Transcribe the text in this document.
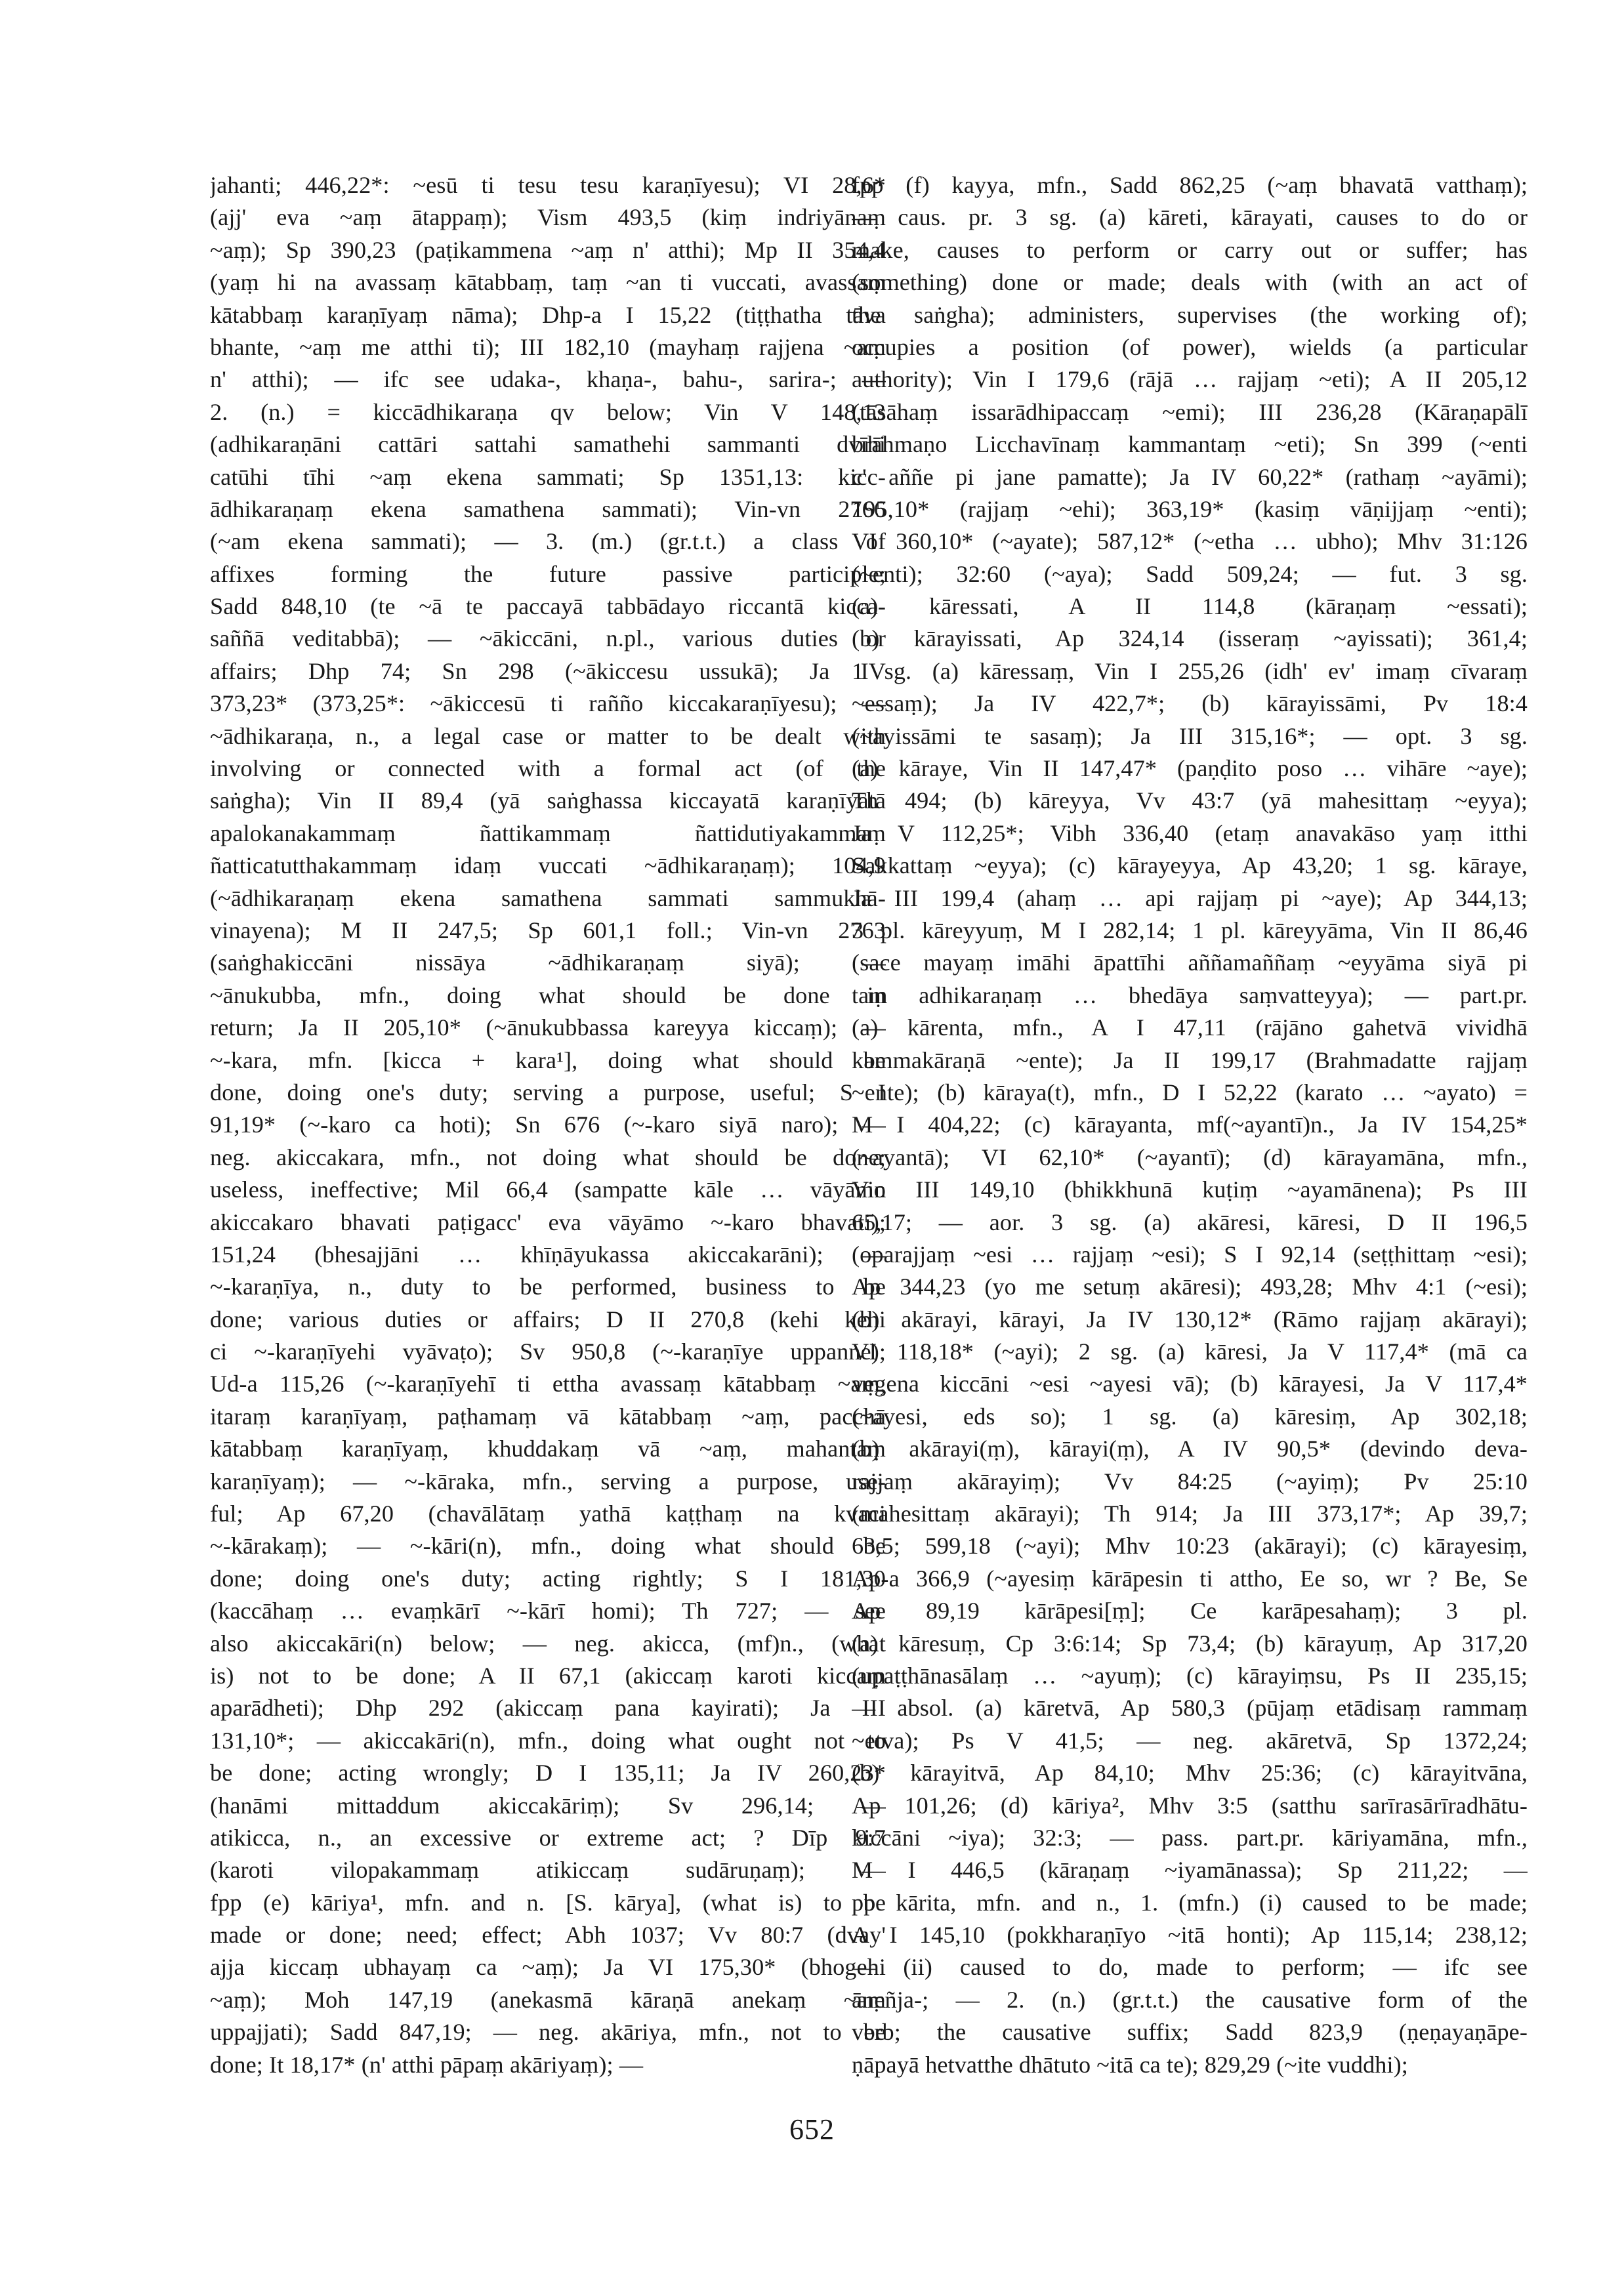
jahanti; 446,22*: ~esū ti tesu tesu karaṇīyesu); VI 28,6*
(ajj' eva ~aṃ ātappaṃ); Vism 493,5 (kiṃ indriyānaṃ
~aṃ); Sp 390,23 (paṭikammena ~aṃ n' atthi); Mp II 354,4
(yaṃ hi na avassaṃ kātabbaṃ, taṃ ~an ti vuccati, avassaṃ
kātabbaṃ karaṇīyaṃ nāma); Dhp-a I 15,22 (tiṭṭhatha tāva
bhante, ~aṃ me atthi ti); III 182,10 (mayhaṃ rajjena ~aṃ
n' atthi); — ifc see udaka-, khaṇa-, bahu-, sarira-; —
2. (n.) = kiccādhikaraṇa qv below; Vin V 148,13
(adhikaraṇāni cattāri sattahi samathehi sammanti dvīhi
catūhi tīhi ~aṃ ekena sammati; Sp 1351,13: kicc-
ādhikaraṇaṃ ekena samathena sammati); Vin-vn 2766
(~am ekena sammati); — 3. (m.) (gr.t.t.) a class of
affixes forming the future passive participle;
Sadd 848,10 (te ~ā te paccayā tabbādayo riccantā kicca-
saññā veditabbā); — ~ākiccāni, n.pl., various duties or
affairs; Dhp 74; Sn 298 (~ākiccesu ussukā); Ja IV
373,23* (373,25*: ~ākiccesū ti rañño kiccakaraṇīyesu); —
~ādhikaraṇa, n., a legal case or matter to be dealt with
involving or connected with a formal act (of the
saṅgha); Vin II 89,4 (yā saṅghassa kiccayatā karaṇīyatā
apalokanakammaṃ ñattikammaṃ ñattidutiyakammaṃ
ñatticatutthakammaṃ idaṃ vuccati ~ādhikaraṇaṃ); 104,9
(~ādhikaraṇaṃ ekena samathena sammati sammukhā-
vinayena); M II 247,5; Sp 601,1 foll.; Vin-vn 2763
(saṅghakiccāni nissāya ~ādhikaraṇaṃ siyā); —
~ānukubba, mfn., doing what should be done in
return; Ja II 205,10* (~ānukubbassa kareyya kiccaṃ); —
~-kara, mfn. [kicca + kara¹], doing what should be
done, doing one's duty; serving a purpose, useful; S I
91,19* (~-karo ca hoti); Sn 676 (~-karo siyā naro); —
neg. akiccakara, mfn., not doing what should be done;
useless, ineffective; Mil 66,4 (sampatte kāle … vāyāmo
akiccakaro bhavati paṭigacc' eva vāyāmo ~-karo bhavati);
151,24 (bhesajjāni … khīṇāyukassa akiccakarāni); —
~-karaṇīya, n., duty to be performed, business to be
done; various duties or affairs; D II 270,8 (kehi kehi
ci ~-karaṇīyehi vyāvaṭo); Sv 950,8 (~-karaṇīye uppanne);
Ud-a 115,26 (~-karaṇīyehī ti ettha avassaṃ kātabbaṃ ~aṃ,
itaraṃ karaṇīyaṃ, paṭhamaṃ vā kātabbaṃ ~aṃ, pacchā
kātabbaṃ karaṇīyaṃ, khuddakaṃ vā ~aṃ, mahantaṃ
karaṇīyaṃ); — ~-kāraka, mfn., serving a purpose, use-
ful; Ap 67,20 (chavālātaṃ yathā kaṭṭhaṃ na kvaci
~-kārakaṃ); — ~-kāri(n), mfn., doing what should be
done; doing one's duty; acting rightly; S I 181,30
(kaccāhaṃ … evaṃkārī ~-kārī homi); Th 727; — see
also akiccakāri(n) below; — neg. akicca, (mf)n., (what
is) not to be done; A II 67,1 (akiccaṃ karoti kiccaṃ
aparādheti); Dhp 292 (akiccaṃ pana kayirati); Ja III
131,10*; — akiccakāri(n), mfn., doing what ought not to
be done; acting wrongly; D I 135,11; Ja IV 260,23*
(hanāmi mittaddum akiccakāriṃ); Sv 296,14; —
atikicca, n., an excessive or extreme act; ? Dīp 9:7
(karoti vilopakammaṃ atikiccaṃ sudāruṇaṃ); —
fpp (e) kāriya¹, mfn. and n. [S. kārya], (what is) to be
made or done; need; effect; Abh 1037; Vv 80:7 (dvay'
ajja kiccaṃ ubhayaṃ ca ~aṃ); Ja VI 175,30* (bhogehi
~aṃ); Moh 147,19 (anekasmā kāraṇā anekaṃ ~aṃ
uppajjati); Sadd 847,19; — neg. akāriya, mfn., not to be
done; It 18,17* (n' atthi pāpaṃ akāriyaṃ); —
fpp (f) kayya, mfn., Sadd 862,25 (~aṃ bhavatā vatthaṃ);
— caus. pr. 3 sg. (a) kāreti, kārayati, causes to do or
make, causes to perform or carry out or suffer; has
(something) done or made; deals with (with an act of
the saṅgha); administers, supervises (the working of);
occupies a position (of power), wields (a particular
authority); Vin I 179,6 (rājā … rajjaṃ ~eti); A II 205,12
(tāsāhaṃ issarādhipaccaṃ ~emi); III 236,28 (Kāraṇapālī
brāhmaṇo Licchavīnaṃ kammantaṃ ~eti); Sn 399 (~enti
c' aññe pi jane pamatte); Ja IV 60,22* (rathaṃ ~ayāmi);
195,10* (rajjaṃ ~ehi); 363,19* (kasiṃ vāṇijjaṃ ~enti);
VI 360,10* (~ayate); 587,12* (~etha … ubho); Mhv 31:126
(~enti); 32:60 (~aya); Sadd 509,24; — fut. 3 sg.
(a) kāressati, A II 114,8 (kāraṇaṃ ~essati);
(b) kārayissati, Ap 324,14 (isseraṃ ~ayissati); 361,4;
1 sg. (a) kāressaṃ, Vin I 255,26 (idh' ev' imaṃ cīvaraṃ
~essaṃ); Ja IV 422,7*; (b) kārayissāmi, Pv 18:4
(~ayissāmi te sasaṃ); Ja III 315,16*; — opt. 3 sg.
(a) kāraye, Vin II 147,47* (paṇḍito poso … vihāre ~aye);
Th 494; (b) kāreyya, Vv 43:7 (yā mahesittaṃ ~eyya);
Ja V 112,25*; Vibh 336,40 (etaṃ anavakāso yaṃ itthi
Sakkattaṃ ~eyya); (c) kārayeyya, Ap 43,20; 1 sg. kāraye,
Ja III 199,4 (ahaṃ … api rajjaṃ pi ~aye); Ap 344,13;
3 pl. kāreyyuṃ, M I 282,14; 1 pl. kāreyyāma, Vin II 86,46
(sace mayaṃ imāhi āpattīhi aññamaññaṃ ~eyyāma siyā pi
taṃ adhikaraṇaṃ … bhedāya saṃvatteyya); — part.pr.
(a) kārenta, mfn., A I 47,11 (rājāno gahetvā vividhā
kammakāraṇā ~ente); Ja II 199,17 (Brahmadatte rajjaṃ
~ente); (b) kāraya(t), mfn., D I 52,22 (karato … ~ayato) =
M I 404,22; (c) kārayanta, mf(~ayantī)n., Ja IV 154,25*
(~ayantā); VI 62,10* (~ayantī); (d) kārayamāna, mfn.,
Vin III 149,10 (bhikkhunā kuṭiṃ ~ayamānena); Ps III
65,17; — aor. 3 sg. (a) akāresi, kāresi, D II 196,5
(oparajjaṃ ~esi … rajjaṃ ~esi); S I 92,14 (seṭṭhittaṃ ~esi);
Ap 344,23 (yo me setuṃ akāresi); 493,28; Mhv 4:1 (~esi);
(b) akārayi, kārayi, Ja IV 130,12* (Rāmo rajjaṃ akārayi);
VI 118,18* (~ayi); 2 sg. (a) kāresi, Ja V 117,4* (mā ca
vegena kiccāni ~esi ~ayesi vā); (b) kārayesi, Ja V 117,4*
(~ayesi, eds so); 1 sg. (a) kāresiṃ, Ap 302,18;
(b) akārayi(ṃ), kārayi(ṃ), A IV 90,5* (devindo deva-
rajjaṃ akārayiṃ); Vv 84:25 (~ayiṃ); Pv 25:10
(mahesittaṃ akārayi); Th 914; Ja III 373,17*; Ap 39,7;
63,5; 599,18 (~ayi); Mhv 10:23 (akārayi); (c) kārayesiṃ,
Ap-a 366,9 (~ayesiṃ kārāpesin ti attho, Ee so, wr ? Be, Se
Ap 89,19 kārāpesi[ṃ]; Ce karāpesahaṃ); 3 pl.
(a) kāresuṃ, Cp 3:6:14; Sp 73,4; (b) kārayuṃ, Ap 317,20
(upaṭṭhānasālaṃ … ~ayuṃ); (c) kārayiṃsu, Ps II 235,15;
— absol. (a) kāretvā, Ap 580,3 (pūjaṃ etādisaṃ rammaṃ
~etva); Ps V 41,5; — neg. akāretvā, Sp 1372,24;
(b) kārayitvā, Ap 84,10; Mhv 25:36; (c) kārayitvāna,
Ap 101,26; (d) kāriya², Mhv 3:5 (satthu sarīrasārīradhātu-
kiccāni ~iya); 32:3; — pass. part.pr. kāriyamāna, mfn.,
M I 446,5 (kāraṇaṃ ~iyamānassa); Sp 211,22; —
pp kārita, mfn. and n., 1. (mfn.) (i) caused to be made;
A I 145,10 (pokkharaṇīyo ~itā honti); Ap 115,14; 238,12;
— (ii) caused to do, made to perform; — ifc see
āneñja-; — 2. (n.) (gr.t.t.) the causative form of the
verb; the causative suffix; Sadd 823,9 (ṇeṇayaṇāpe-
ṇāpayā hetvatthe dhātuto ~itā ca te); 829,29 (~ite vuddhi);
652
